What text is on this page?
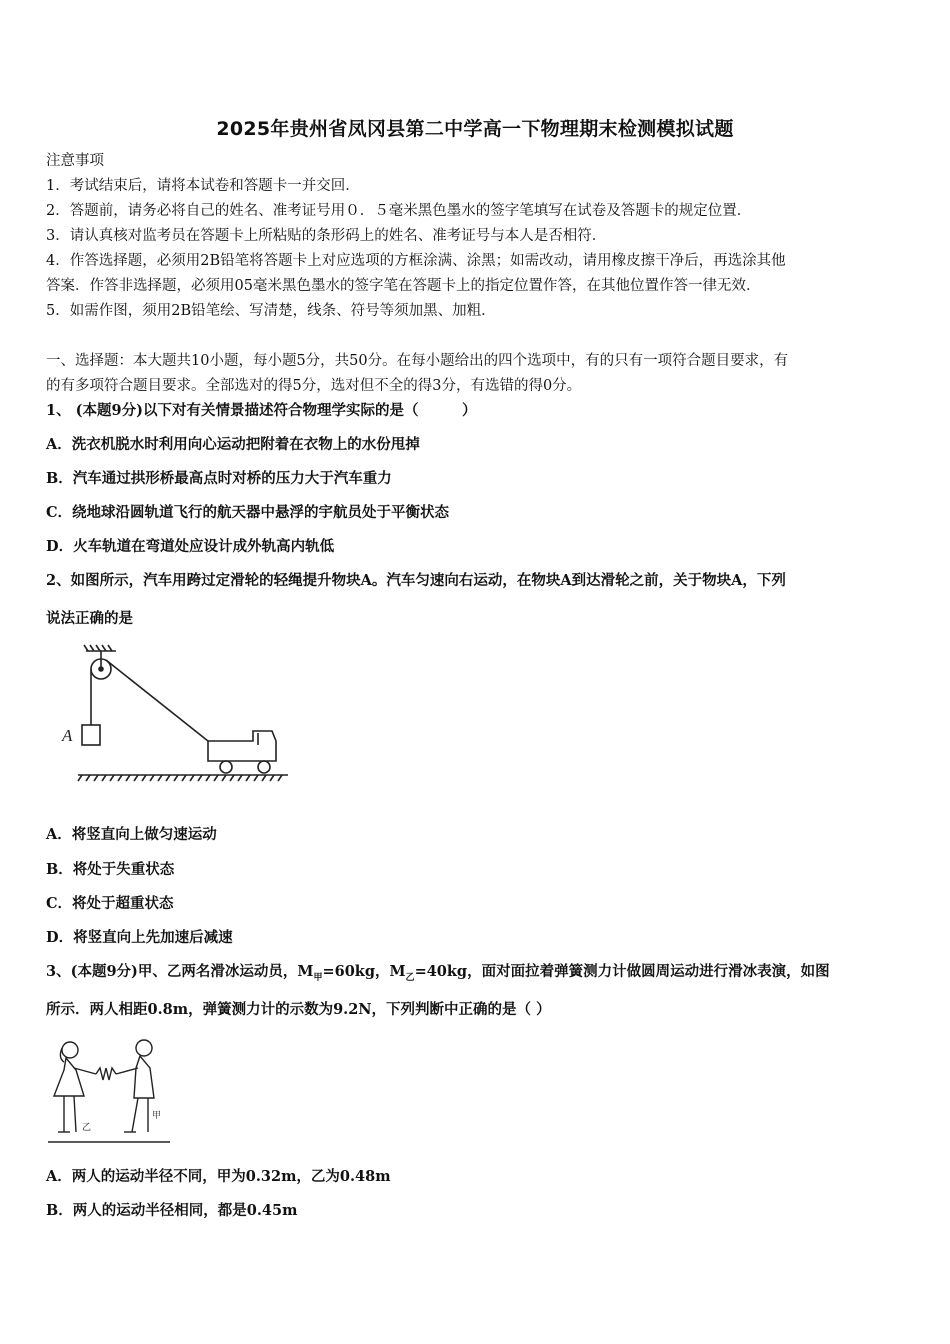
2025年贵州省凤冈县第二中学高一下物理期末检测模拟试题
注意事项
1．考试结束后，请将本试卷和答题卡一并交回．
2．答题前，请务必将自己的姓名、准考证号用０．５毫米黑色墨水的签字笔填写在试卷及答题卡的规定位置．
3．请认真核对监考员在答题卡上所粘贴的条形码上的姓名、准考证号与本人是否相符．
4．作答选择题，必须用2B铅笔将答题卡上对应选项的方框涂满、涂黑；如需改动，请用橡皮擦干净后，再选涂其他
答案．作答非选择题，必须用05毫米黑色墨水的签字笔在答题卡上的指定位置作答，在其他位置作答一律无效．
5．如需作图，须用2B铅笔绘、写清楚，线条、符号等须加黑、加粗．
一、选择题：本大题共10小题，每小题5分，共50分。在每小题给出的四个选项中，有的只有一项符合题目要求，有
的有多项符合题目要求。全部选对的得5分，选对但不全的得3分，有选错的得0分。
1、 (本题9分)以下对有关情景描述符合物理学实际的是（　　　）
A．洗衣机脱水时利用向心运动把附着在衣物上的水份甩掉
B．汽车通过拱形桥最高点时对桥的压力大于汽车重力
C．绕地球沿圆轨道飞行的航天器中悬浮的宇航员处于平衡状态
D．火车轨道在弯道处应设计成外轨高内轨低
2、如图所示，汽车用跨过定滑轮的轻绳提升物块A。汽车匀速向右运动，在物块A到达滑轮之前，关于物块A，下列
说法正确的是
A
A．将竖直向上做匀速运动
B．将处于失重状态
C．将处于超重状态
D．将竖直向上先加速后减速
3、(本题9分)甲、乙两名滑冰运动员，$M_甲=60kg$，$M_乙=40kg$，面对面拉着弹簧测力计做圆周运动进行滑冰表演，如图
所示．两人相距0.8m，弹簧测力计的示数为9.2N，下列判断中正确的是（ ）
乙
甲
A．两人的运动半径不同，甲为0.32m，乙为0.48m
B．两人的运动半径相同，都是0.45m
